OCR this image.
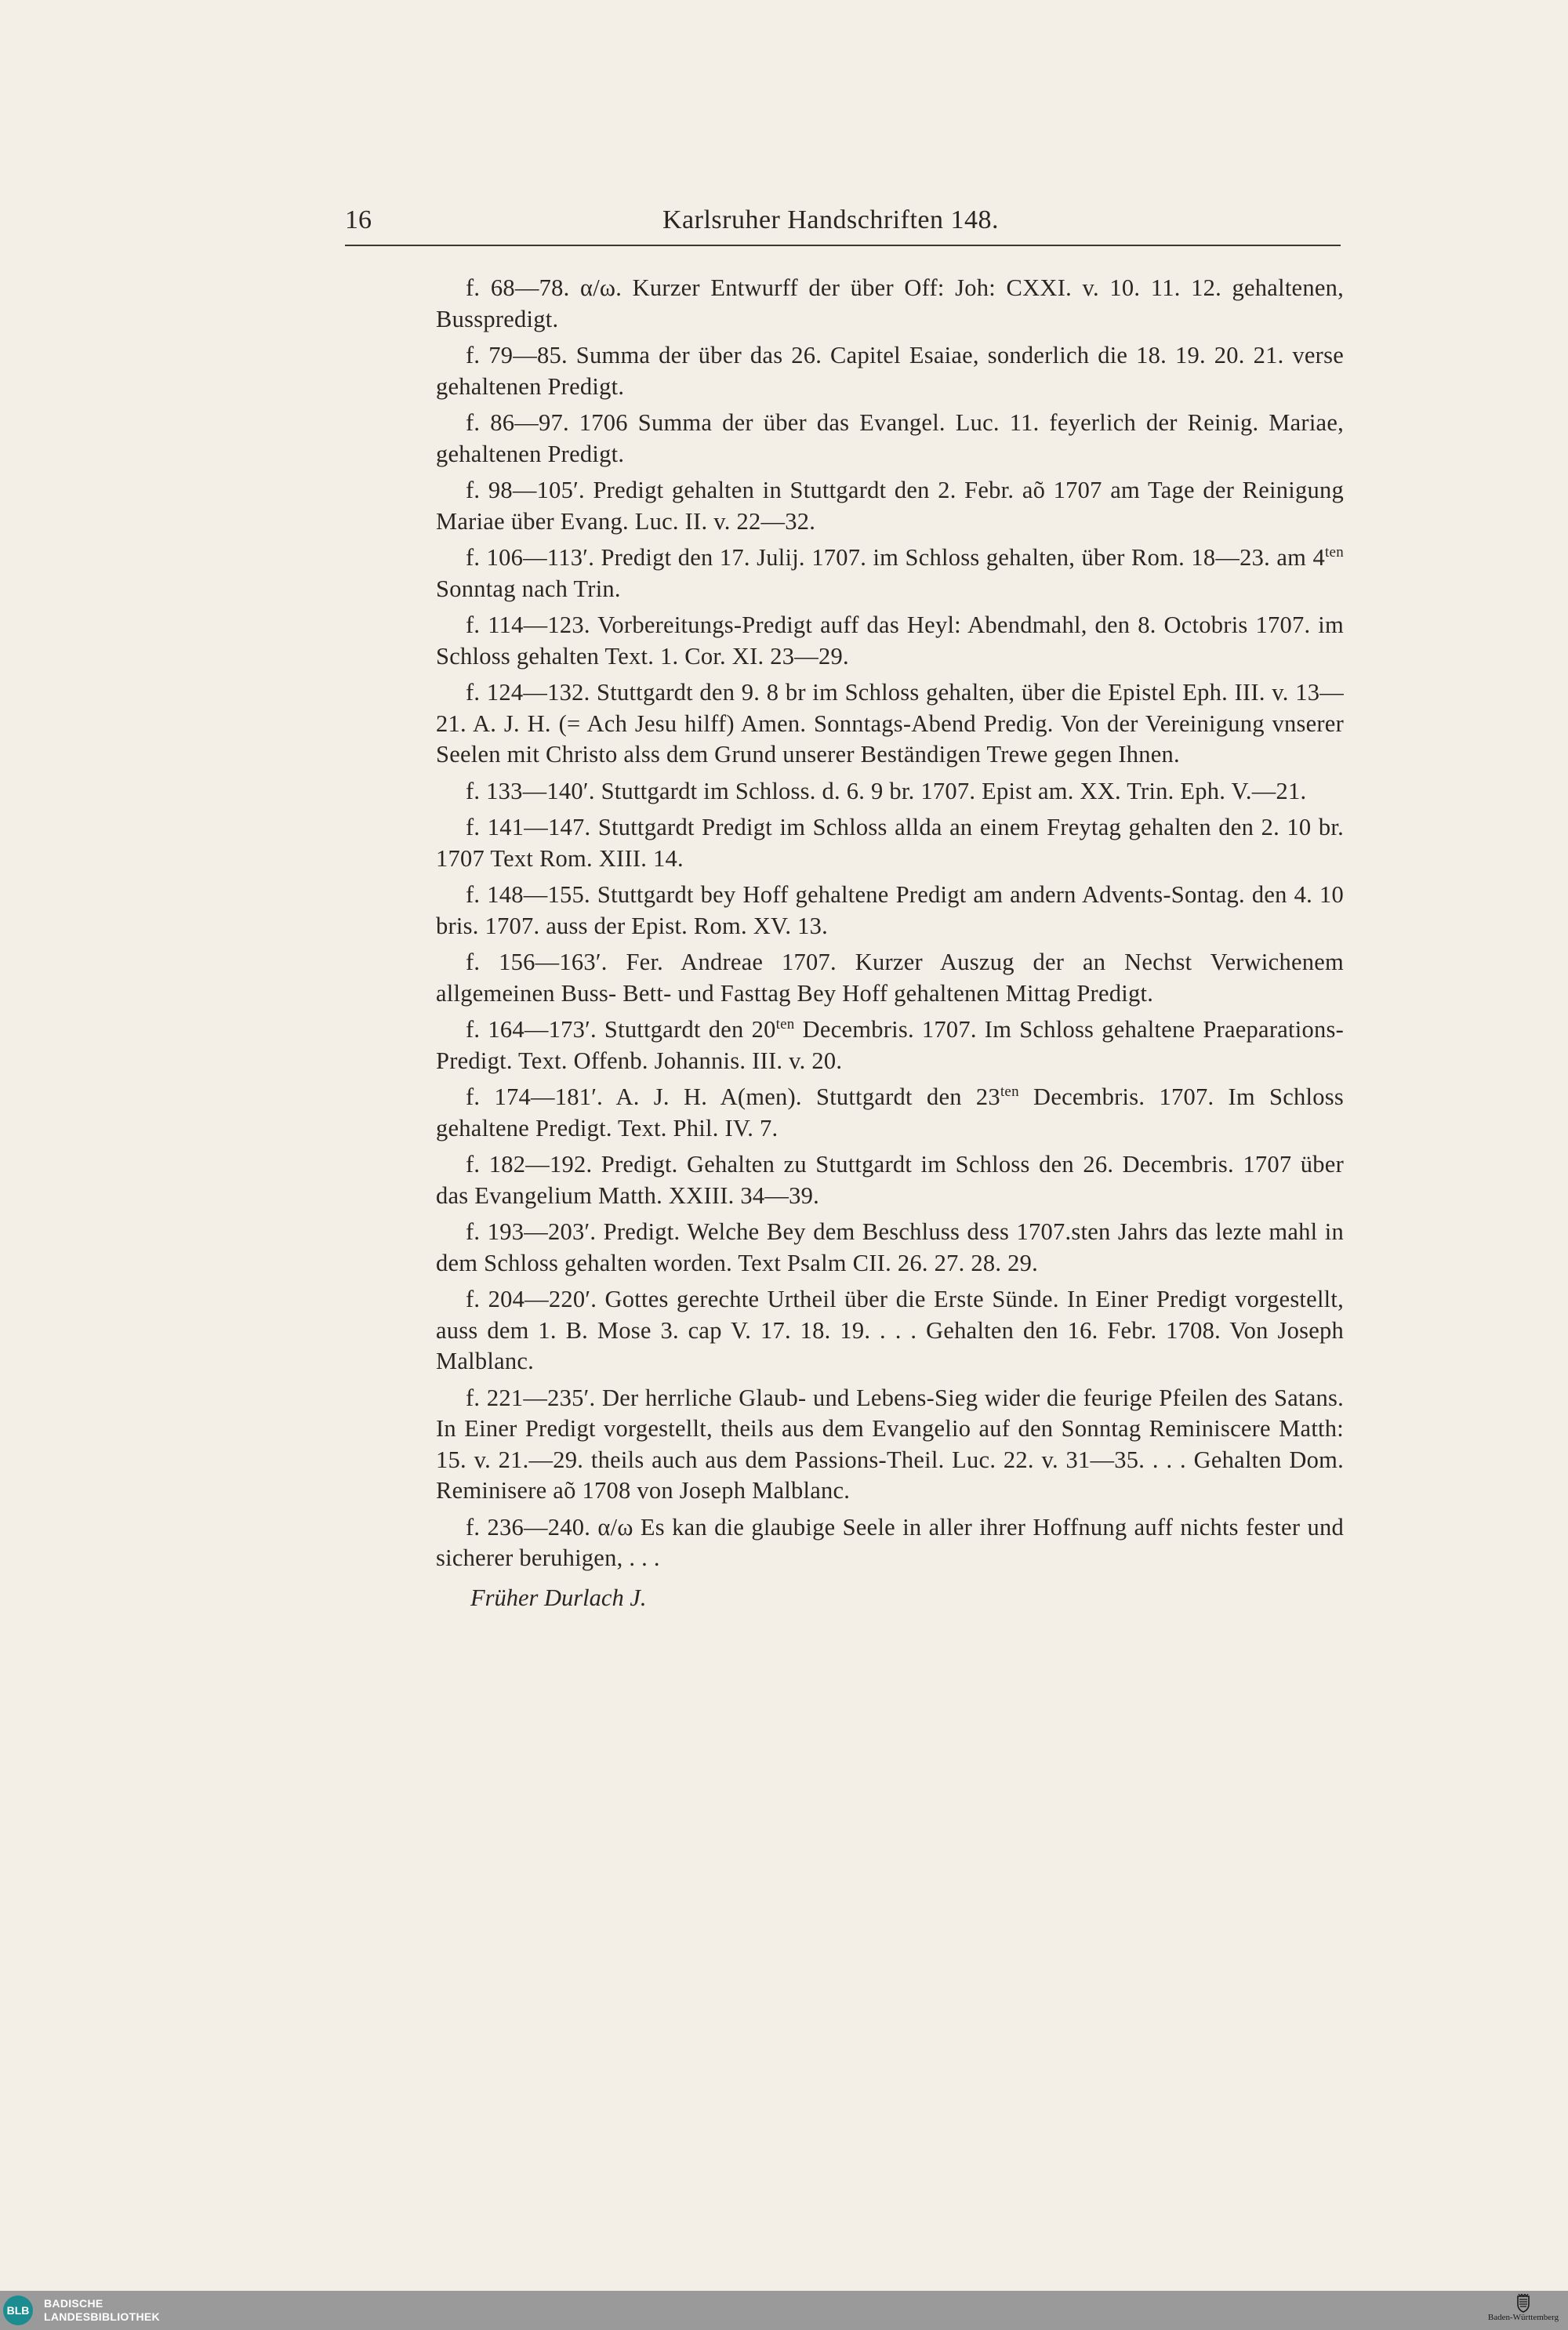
16	Karlsruher Handschriften 148.

f. 68—78. α/ω. Kurzer Entwurff der über Off: Joh: CXXI. v. 10. 11. 12. gehaltenen, Busspredigt.

f. 79—85. Summa der über das 26. Capitel Esaiae, sonderlich die 18. 19. 20. 21. verse gehaltenen Predigt.

f. 86—97. 1706 Summa der über das Evangel. Luc. 11. feyerlich der Reinig. Mariae, gehaltenen Predigt.

f. 98—105′. Predigt gehalten in Stuttgardt den 2. Febr. aõ 1707 am Tage der Reinigung Mariae über Evang. Luc. II. v. 22—32.

f. 106—113′. Predigt den 17. Julij. 1707. im Schloss gehalten, über Rom. 18—23. am $4^{ten}$ Sonntag nach Trin.

f. 114—123. Vorbereitungs-Predigt auff das Heyl: Abendmahl, den 8. Octobris 1707. im Schloss gehalten Text. 1. Cor. XI. 23—29.

f. 124—132. Stuttgardt den 9. 8 br im Schloss gehalten, über die Epistel Eph. III. v. 13—21. A. J. H. (= Ach Jesu hilff) Amen. Sonntags-Abend Predig. Von der Vereinigung vnserer Seelen mit Christo alss dem Grund unserer Beständigen Trewe gegen Ihnen.

f. 133—140′. Stuttgardt im Schloss. d. 6. 9 br. 1707. Epist am. XX. Trin. Eph. V.—21.

f. 141—147. Stuttgardt Predigt im Schloss allda an einem Freytag gehalten den 2. 10 br. 1707 Text Rom. XIII. 14.

f. 148—155. Stuttgardt bey Hoff gehaltene Predigt am andern Advents-Sontag. den 4. 10 bris. 1707. auss der Epist. Rom. XV. 13.

f. 156—163′. Fer. Andreae 1707. Kurzer Auszug der an Nechst Verwichenem allgemeinen Buss- Bett- und Fasttag Bey Hoff gehaltenen Mittag Predigt.

f. 164—173′. Stuttgardt den $20^{ten}$ Decembris. 1707. Im Schloss gehaltene Praeparations-Predigt. Text. Offenb. Johannis. III. v. 20.

f. 174—181′. A. J. H. A(men). Stuttgardt den $23^{ten}$ Decembris. 1707. Im Schloss gehaltene Predigt. Text. Phil. IV. 7.

f. 182—192. Predigt. Gehalten zu Stuttgardt im Schloss den 26. Decembris. 1707 über das Evangelium Matth. XXIII. 34—39.

f. 193—203′. Predigt. Welche Bey dem Beschluss dess 1707.sten Jahrs das lezte mahl in dem Schloss gehalten worden. Text Psalm CII. 26. 27. 28. 29.

f. 204—220′. Gottes gerechte Urtheil über die Erste Sünde. In Einer Predigt vorgestellt, auss dem 1. B. Mose 3. cap V. 17. 18. 19. . . . Gehalten den 16. Febr. 1708. Von Joseph Malblanc.

f. 221—235′. Der herrliche Glaub- und Lebens-Sieg wider die feurige Pfeilen des Satans. In Einer Predigt vorgestellt, theils aus dem Evangelio auf den Sonntag Reminiscere Matth: 15. v. 21.—29. theils auch aus dem Passions-Theil. Luc. 22. v. 31—35. . . . Gehalten Dom. Reminisere aõ 1708 von Joseph Malblanc.

f. 236—240. α/ω Es kan die glaubige Seele in aller ihrer Hoffnung auff nichts fester und sicherer beruhigen, . . .

Früher Durlach J.

BLB
BADISCHE
LANDESBIBLIOTHEK	Baden-Württemberg
